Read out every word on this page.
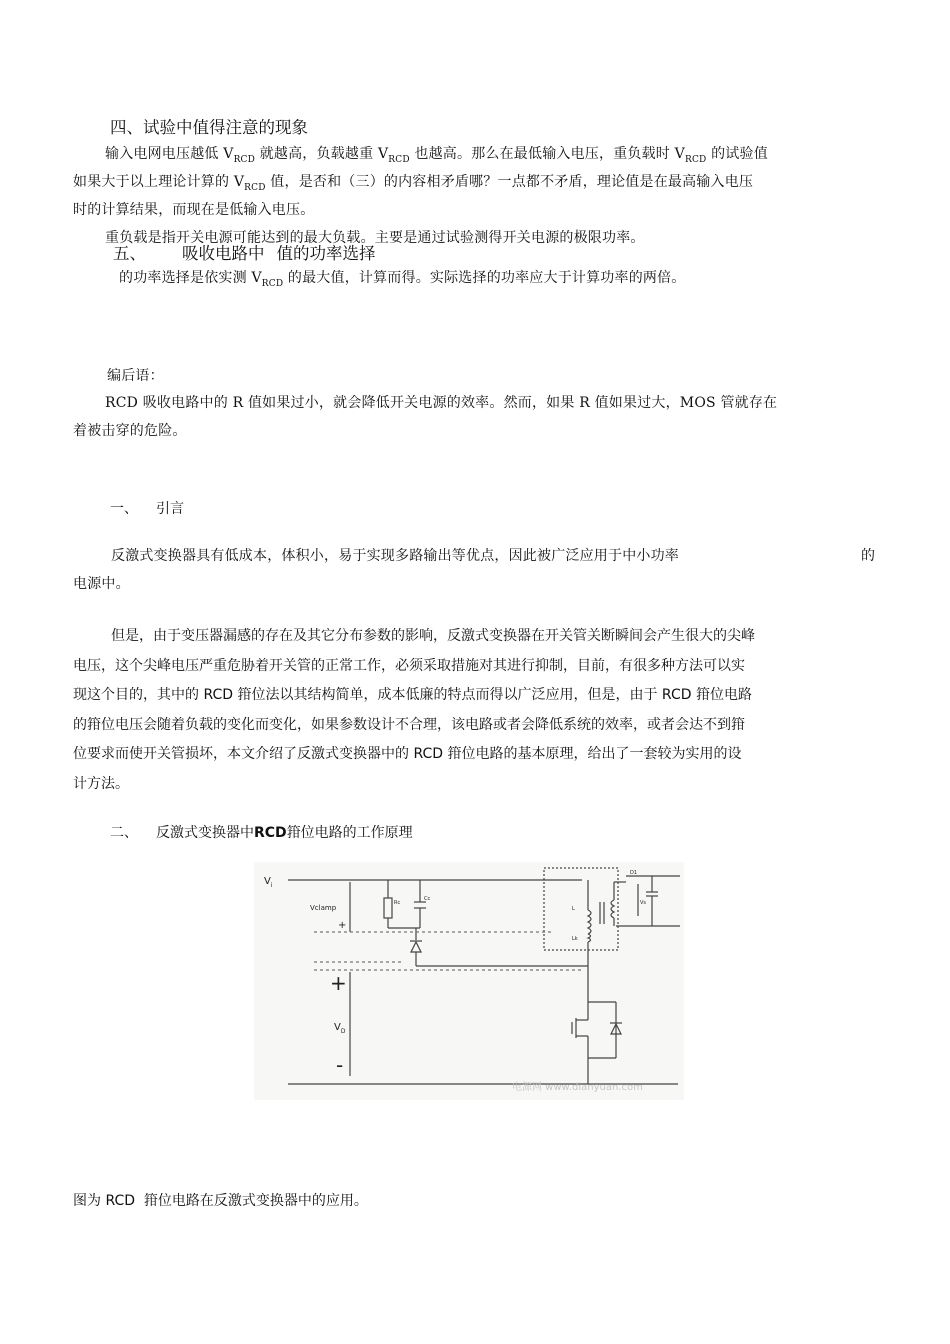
四、试验中值得注意的现象
输入电网电压越低 $V_{RCD}$ 就越高，负载越重 $V_{RCD}$ 也越高。那么在最低输入电压，重负载时 $V_{RCD}$ 的试验值
如果大于以上理论计算的 $V_{RCD}$ 值，是否和（三）的内容相矛盾哪？一点都不矛盾，理论值是在最高输入电压
时的计算结果，而现在是低输入电压。
重负载是指开关电源可能达到的最大负载。主要是通过试验测得开关电源的极限功率。
五、 吸收电路中 值的功率选择
的功率选择是依实测 $V_{RCD}$ 的最大值，计算而得。实际选择的功率应大于计算功率的两倍。
编后语：
RCD 吸收电路中的 R 值如果过小，就会降低开关电源的效率。然而，如果 R 值如果过大，MOS 管就存在
着被击穿的危险。
一、 引言
反激式变换器具有低成本，体积小，易于实现多路输出等优点，因此被广泛应用于中小功率	的
电源中。
但是，由于变压器漏感的存在及其它分布参数的影响，反激式变换器在开关管关断瞬间会产生很大的尖峰
电压，这个尖峰电压严重危胁着开关管的正常工作，必须采取措施对其进行抑制，目前，有很多种方法可以实
现这个目的，其中的 RCD 箝位法以其结构简单，成本低廉的特点而得以广泛应用，但是，由于 RCD 箝位电路
的箝位电压会随着负载的变化而变化，如果参数设计不合理，该电路或者会降低系统的效率，或者会达不到箝
位要求而使开关管损坏，本文介绍了反激式变换器中的 RCD 箝位电路的基本原理，给出了一套较为实用的设
计方法。
二、 反激式变换器中RCD箝位电路的工作原理
$V_i$
Vclamp
+
Rc
Cc
L
Lk
Vs
D1
+
$V_D$
-
电源网 www.dianyuan.com
图为 RCD  箝位电路在反激式变换器中的应用。
